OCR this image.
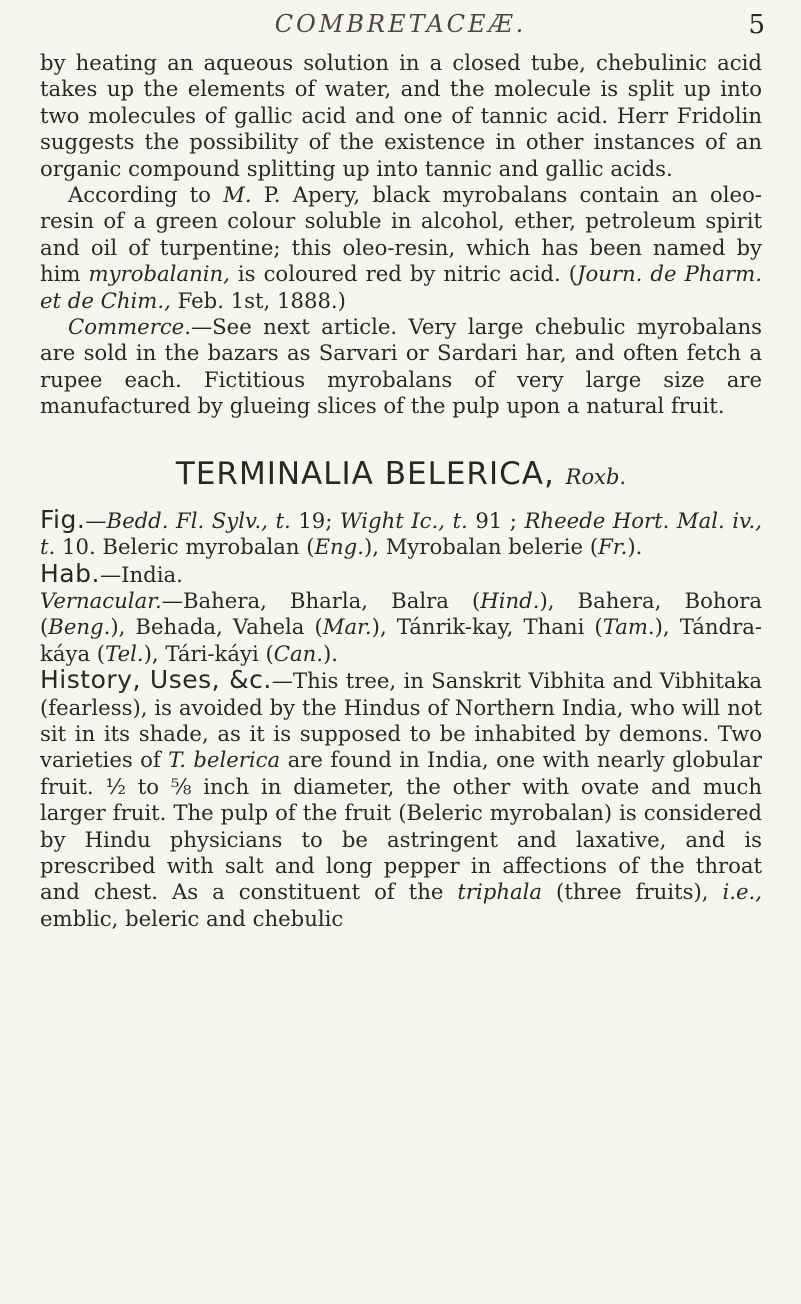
COMBRETACEÆ.	5

by heating an aqueous solution in a closed tube, chebulinic acid takes up the elements of water, and the molecule is split up into two molecules of gallic acid and one of tannic acid. Herr Fridolin suggests the possibility of the existence in other instances of an organic compound splitting up into tannic and gallic acids.

According to M. P. Apery, black myrobalans contain an oleo-resin of a green colour soluble in alcohol, ether, petroleum spirit and oil of turpentine; this oleo-resin, which has been named by him myrobalanin, is coloured red by nitric acid. (Journ. de Pharm. et de Chim., Feb. 1st, 1888.)

Commerce.—See next article. Very large chebulic myrobalans are sold in the bazars as Sarvari or Sardari har, and often fetch a rupee each. Fictitious myrobalans of very large size are manufactured by glueing slices of the pulp upon a natural fruit.

TERMINALIA BELERICA, Roxb.

Fig.—Bedd. Fl. Sylv., t. 19; Wight Ic., t. 91 ; Rheede Hort. Mal. iv., t. 10. Beleric myrobalan (Eng.), Myrobalan belerie (Fr.).

Hab.—India.

Vernacular.—Bahera, Bharla, Balra (Hind.), Bahera, Bohora (Beng.), Behada, Vahela (Mar.), Tánrik-kay, Thani (Tam.), Tándra-káya (Tel.), Tári-káyi (Can.).

History, Uses, &c.—This tree, in Sanskrit Vibhita and Vibhitaka (fearless), is avoided by the Hindus of Northern India, who will not sit in its shade, as it is supposed to be inhabited by demons. Two varieties of T. belerica are found in India, one with nearly globular fruit. ½ to ⅝ inch in diameter, the other with ovate and much larger fruit. The pulp of the fruit (Beleric myrobalan) is considered by Hindu physicians to be astringent and laxative, and is prescribed with salt and long pepper in affections of the throat and chest. As a constituent of the triphala (three fruits), i.e., emblic, beleric and chebulic
